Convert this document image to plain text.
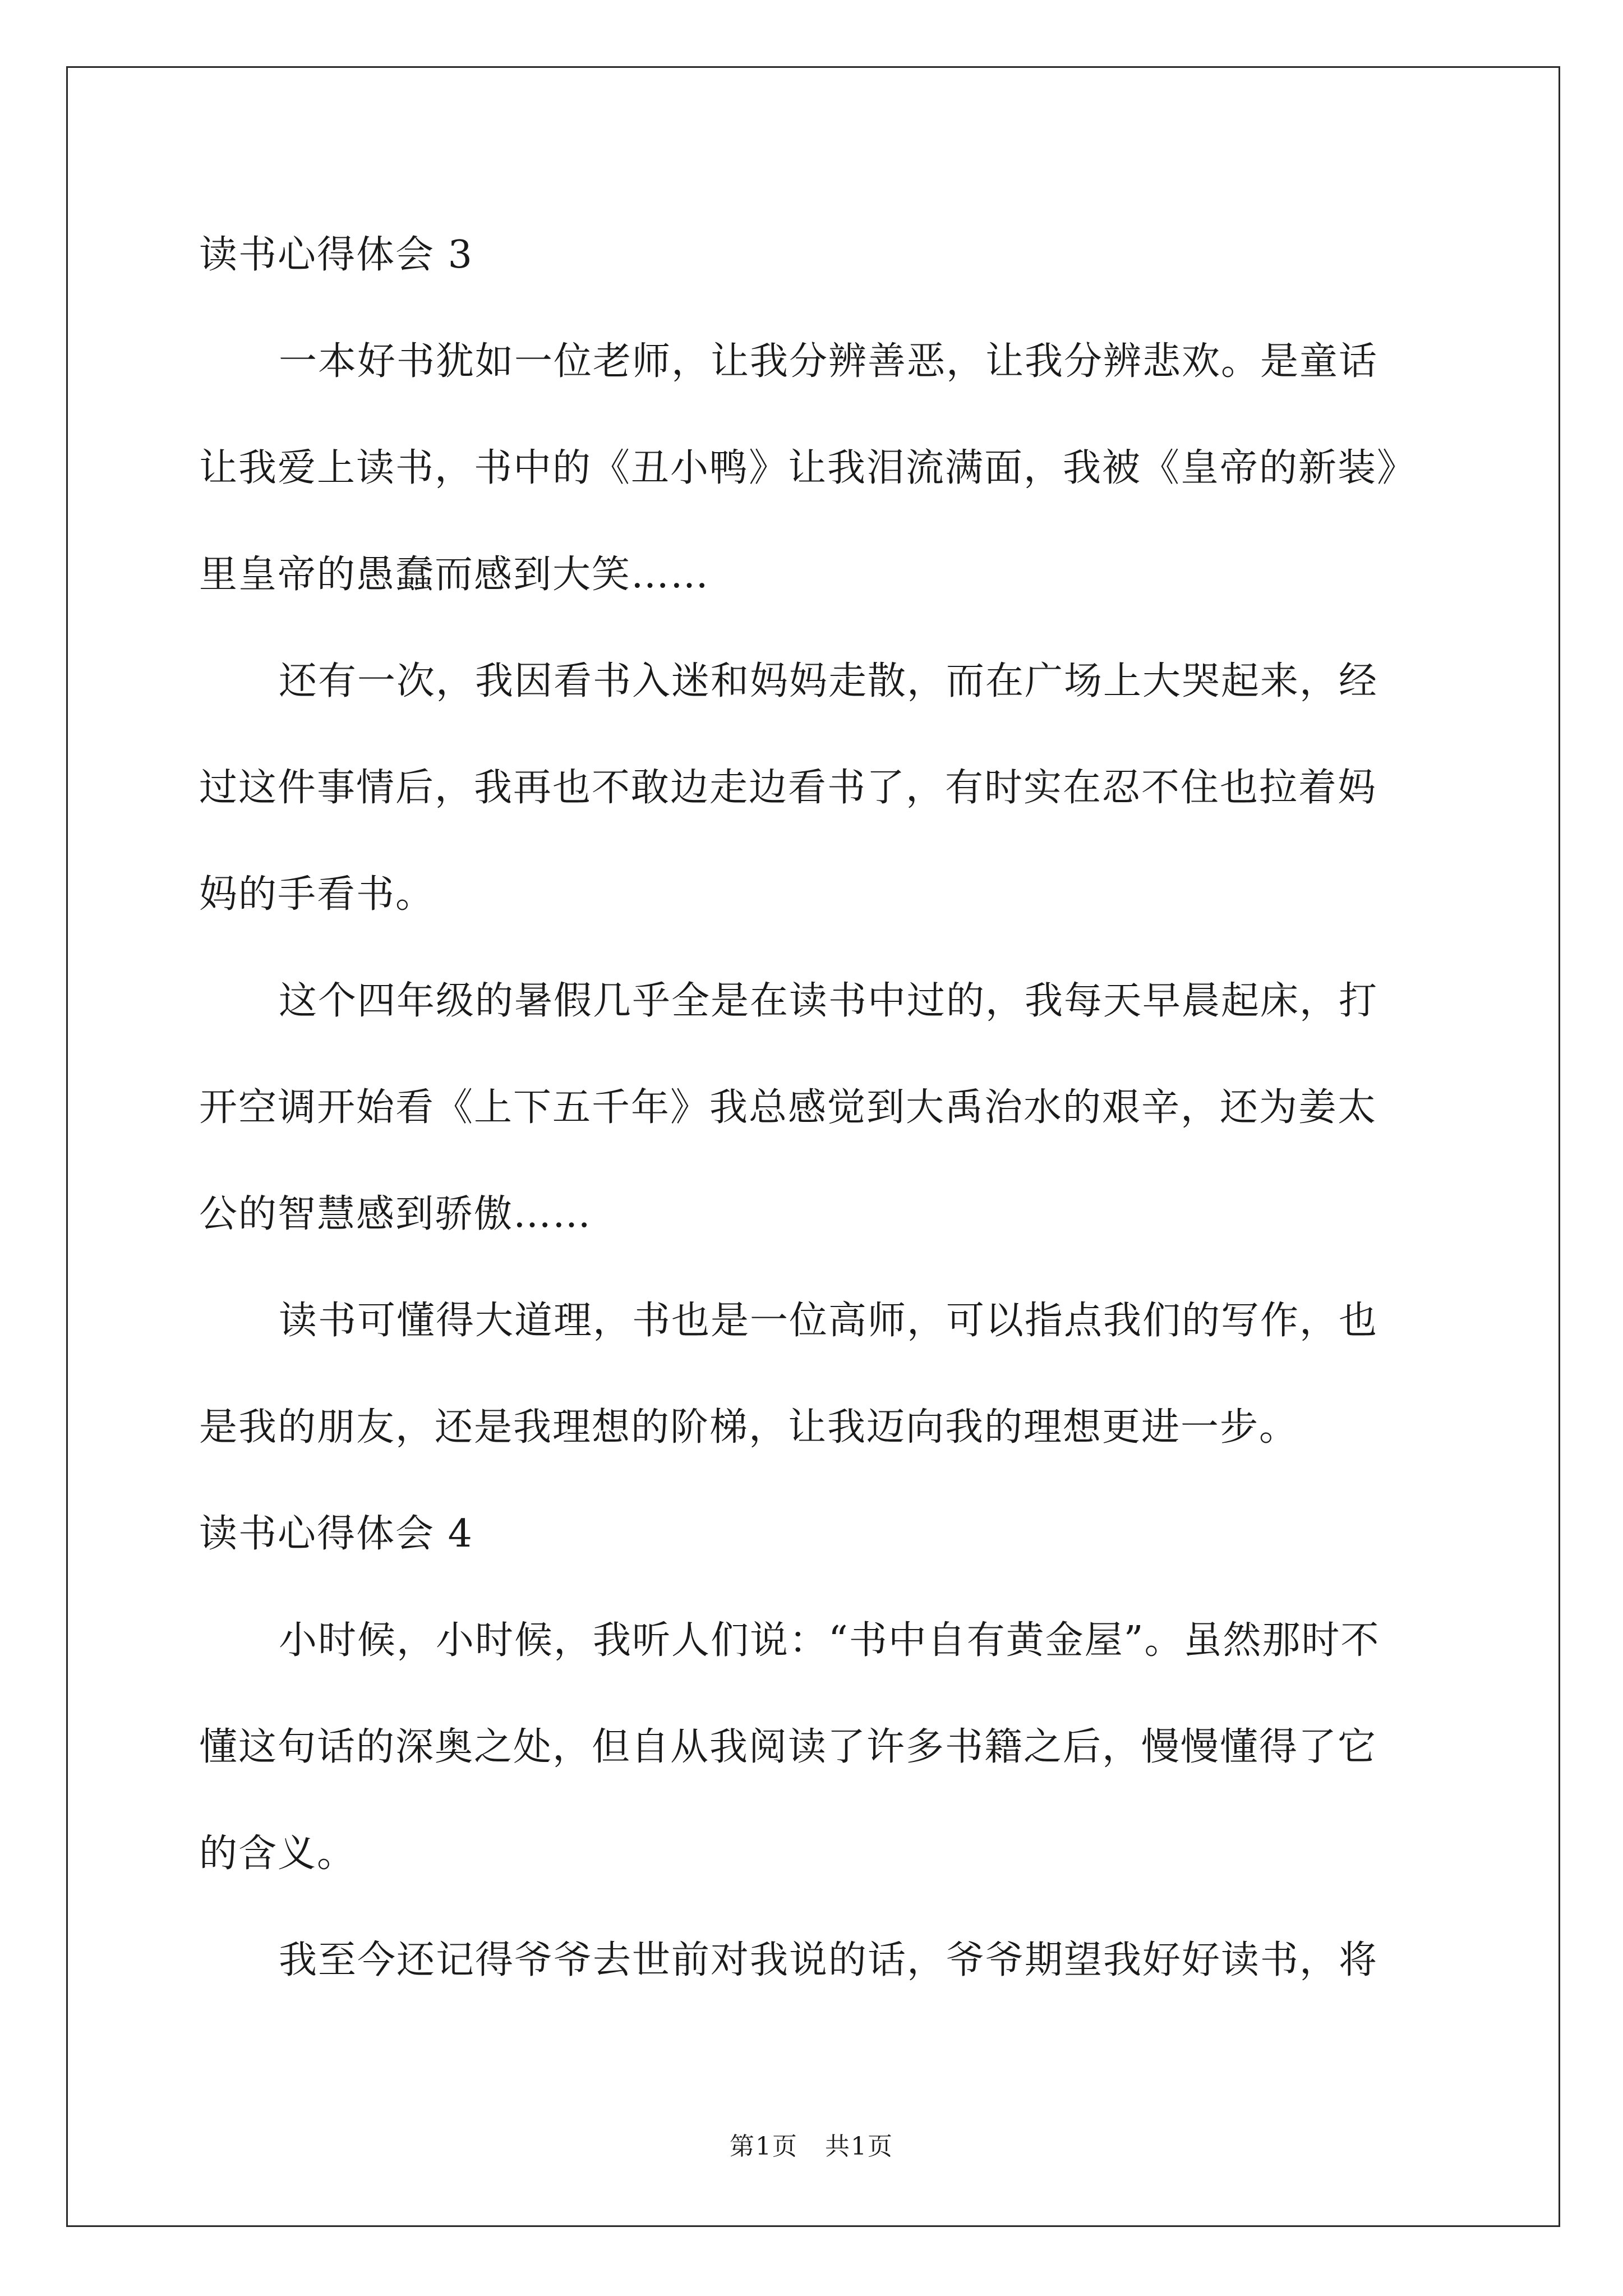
读书心得体会 3
一本好书犹如一位老师，让我分辨善恶，让我分辨悲欢。是童话
让我爱上读书，书中的《丑小鸭》让我泪流满面，我被《皇帝的新装》
里皇帝的愚蠢而感到大笑……
还有一次，我因看书入迷和妈妈走散，而在广场上大哭起来，经
过这件事情后，我再也不敢边走边看书了，有时实在忍不住也拉着妈
妈的手看书。
这个四年级的暑假几乎全是在读书中过的，我每天早晨起床，打
开空调开始看《上下五千年》我总感觉到大禹治水的艰辛，还为姜太
公的智慧感到骄傲……
读书可懂得大道理，书也是一位高师，可以指点我们的写作，也
是我的朋友，还是我理想的阶梯，让我迈向我的理想更进一步。
读书心得体会 4
小时候，小时候，我听人们说：“书中自有黄金屋”。虽然那时不
懂这句话的深奥之处，但自从我阅读了许多书籍之后，慢慢懂得了它
的含义。
我至今还记得爷爷去世前对我说的话，爷爷期望我好好读书，将
第1页   共1页
